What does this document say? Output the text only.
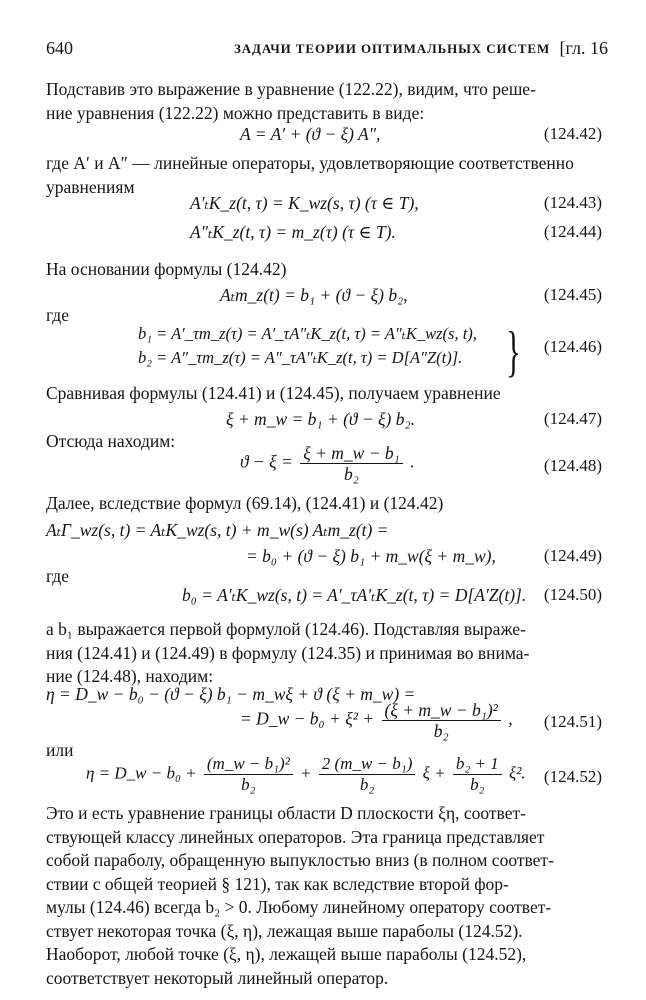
640	ЗАДАЧИ ТЕОРИИ ОПТИМАЛЬНЫХ СИСТЕМ [гл. 16
Подставив это выражение в уравнение (122.22), видим, что реше-
ние уравнения (122.22) можно представить в виде:
A = A′ + (ϑ − ξ) A″,	(124.42)
где A′ и A″ — линейные операторы, удовлетворяющие соответственно
уравнениям
A′ₜK_z(t, τ) = K_wz(s, τ) (τ ∈ T),	(124.43)
A″ₜK_z(t, τ) = m_z(τ) (τ ∈ T).	(124.44)
На основании формулы (124.42)
Aₜm_z(t) = b₁ + (ϑ − ξ) b₂,	(124.45)
где
b₁ = A′_τm_z(τ) = A′_τA″ₜK_z(t, τ) = A″ₜK_wz(s, t),
b₂ = A″_τm_z(τ) = A″_τA″ₜK_z(t, τ) = D[A″Z(t)]. } (124.46)
Сравнивая формулы (124.41) и (124.45), получаем уравнение
ξ + m_w = b₁ + (ϑ − ξ) b₂.	(124.47)
Отсюда находим:
$ϑ - \xi = \frac{\text{ξ + m\_w − b₁}}{\text{b₂}}$ .	(124.48)
Далее, вследствие формул (69.14), (124.41) и (124.42)
AₜΓ_wz(s, t) = AₜK_wz(s, t) + m_w(s) Aₜm_z(t) =
= b₀ + (ϑ − ξ) b₁ + m_w(ξ + m_w),	(124.49)
где
b₀ = A′ₜK_wz(s, t) = A′_τA′ₜK_z(t, τ) = D[A′Z(t)]. (124.50)
а b₁ выражается первой формулой (124.46). Подставляя выраже-
ния (124.41) и (124.49) в формулу (124.35) и принимая во внима-
ние (124.48), находим:
η = D_w − b₀ − (ϑ − ξ) b₁ − m_wξ + ϑ (ξ + m_w) =
= D_w − $b_0 + \xi^2 + \frac{\text{(ξ + m\_w − b₁)²}}{\text{b₂}}$ , (124.51)
или
η = D_w − $b_0 + \frac{\text{(m\_w − b₁)²}}{\text{b₂}} + \frac{\text{2 (m\_w − b₁)}}{\text{b₂}}$ $\xi + \frac{\text{b₂ + 1}}{\text{b₂}} \xi^2$. (124.52)
Это и есть уравнение границы области D плоскости ξη, соответ-
ствующей классу линейных операторов. Эта граница представляет
собой параболу, обращенную выпуклостью вниз (в полном соответ-
ствии с общей теорией § 121), так как вследствие второй фор-
мулы (124.46) всегда b₂ > 0. Любому линейному оператору соответ-
ствует некоторая точка (ξ, η), лежащая выше параболы (124.52).
Наоборот, любой точке (ξ, η), лежащей выше параболы (124.52),
соответствует некоторый линейный оператор.
